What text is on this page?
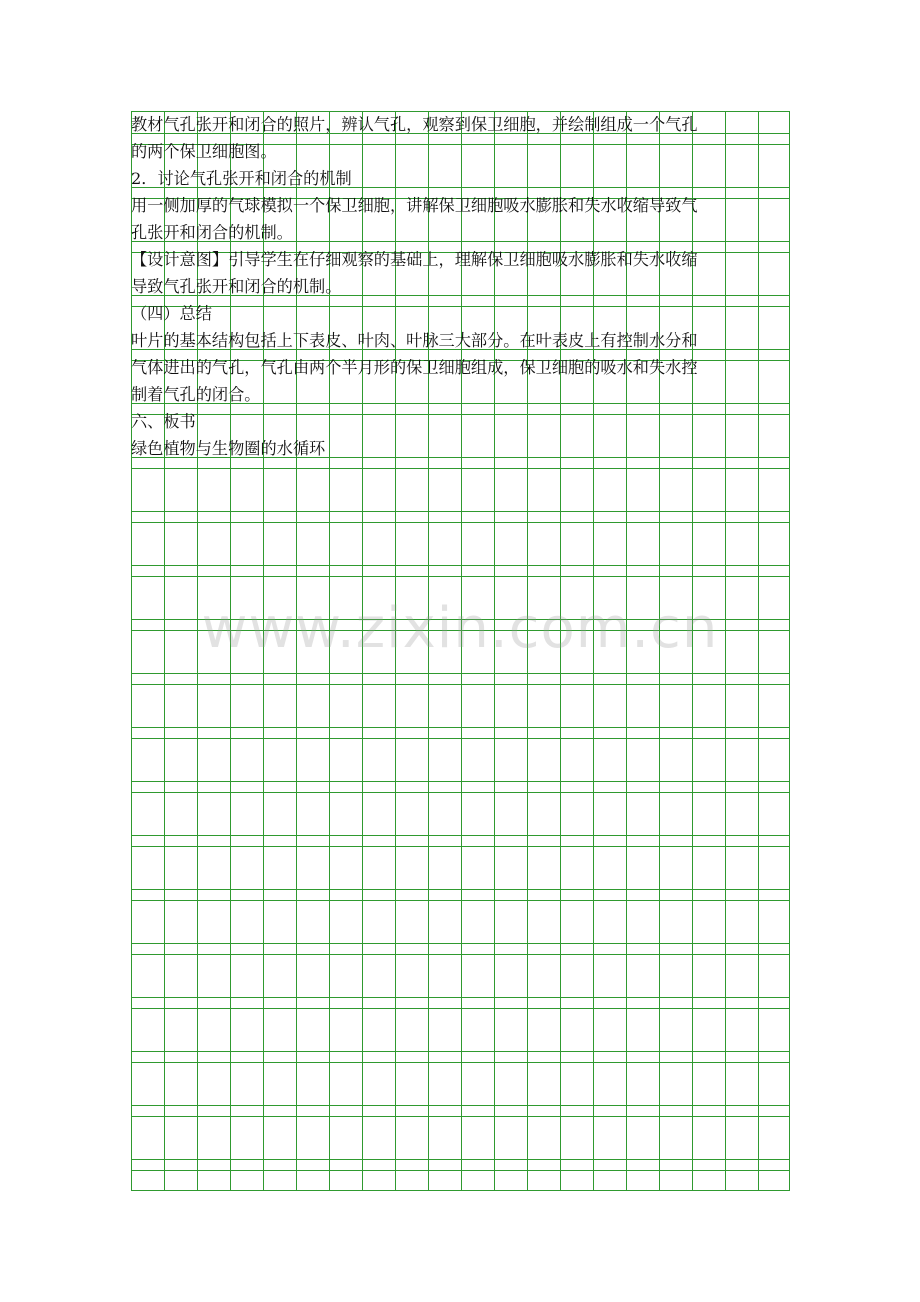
教材气孔张开和闭合的照片，辨认气孔，观察到保卫细胞，并绘制组成一个气孔
的两个保卫细胞图。
2．讨论气孔张开和闭合的机制
用一侧加厚的气球模拟一个保卫细胞，讲解保卫细胞吸水膨胀和失水收缩导致气
孔张开和闭合的机制。
【设计意图】引导学生在仔细观察的基础上，理解保卫细胞吸水膨胀和失水收缩
导致气孔张开和闭合的机制。
（四）总结
叶片的基本结构包括上下表皮、叶肉、叶脉三大部分。在叶表皮上有控制水分和
气体进出的气孔，气孔由两个半月形的保卫细胞组成，保卫细胞的吸水和失水控
制着气孔的闭合。
六、板书
绿色植物与生物圈的水循环
www.zixin.com.cn
